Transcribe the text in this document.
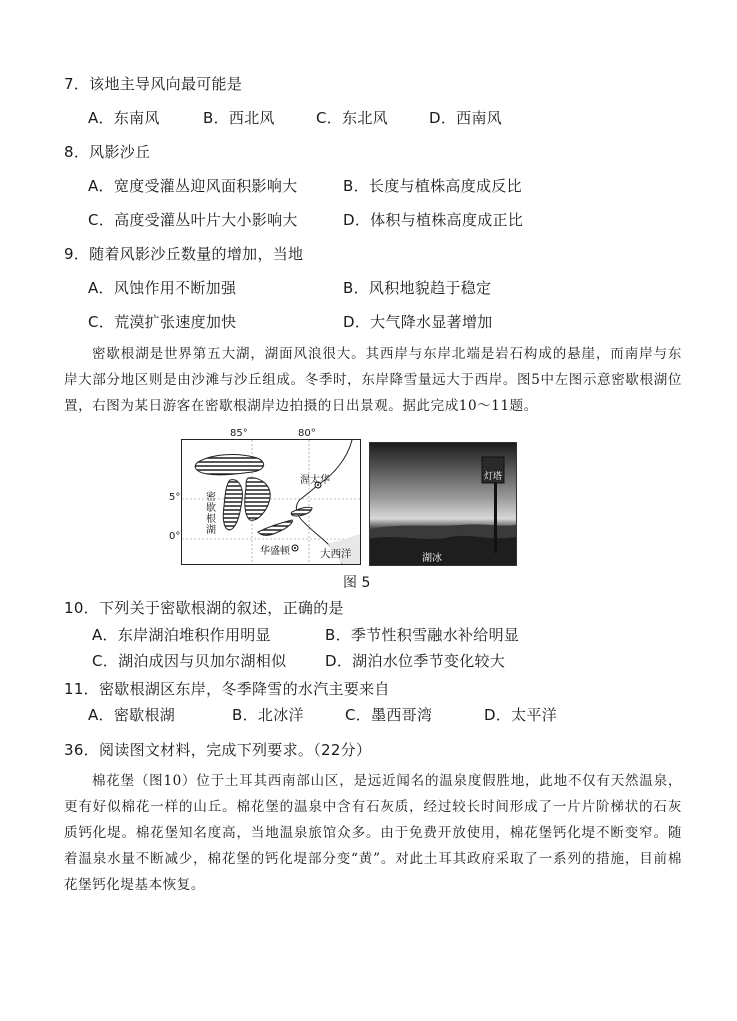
7．该地主导风向最可能是
A．东南风	B．西北风	C．东北风	D．西南风
8．风影沙丘
A．宽度受灌丛迎风面积影响大	B．长度与植株高度成反比
C．高度受灌丛叶片大小影响大	D．体积与植株高度成正比
9．随着风影沙丘数量的增加，当地
A．风蚀作用不断加强	B．风积地貌趋于稳定
C．荒漠扩张速度加快	D．大气降水显著增加
密歇根湖是世界第五大湖，湖面风浪很大。其西岸与东岸北端是岩石构成的悬崖，而南岸与东岸大部分地区则是由沙滩与沙丘组成。冬季时，东岸降雪量远大于西岸。图5中左图示意密歇根湖位置，右图为某日游客在密歇根湖岸边拍摄的日出景观。据此完成10～11题。
渥太华
华盛顿	大西洋
密
歇
根
湖
85°	80°
5°
0°
灯塔
湖冰
图 5
10．下列关于密歇根湖的叙述，正确的是
A．东岸湖泊堆积作用明显	B．季节性积雪融水补给明显
C．湖泊成因与贝加尔湖相似	D．湖泊水位季节变化较大
11．密歇根湖区东岸，冬季降雪的水汽主要来自
A．密歇根湖	B．北冰洋	C．墨西哥湾	D．太平洋
36．阅读图文材料，完成下列要求。（22分）
棉花堡（图10）位于土耳其西南部山区，是远近闻名的温泉度假胜地，此地不仅有天然温泉，更有好似棉花一样的山丘。棉花堡的温泉中含有石灰质，经过较长时间形成了一片片阶梯状的石灰质钙化堤。棉花堡知名度高，当地温泉旅馆众多。由于免费开放使用，棉花堡钙化堤不断变窄。随着温泉水量不断减少，棉花堡的钙化堤部分变“黄”。对此土耳其政府采取了一系列的措施，目前棉花堡钙化堤基本恢复。
